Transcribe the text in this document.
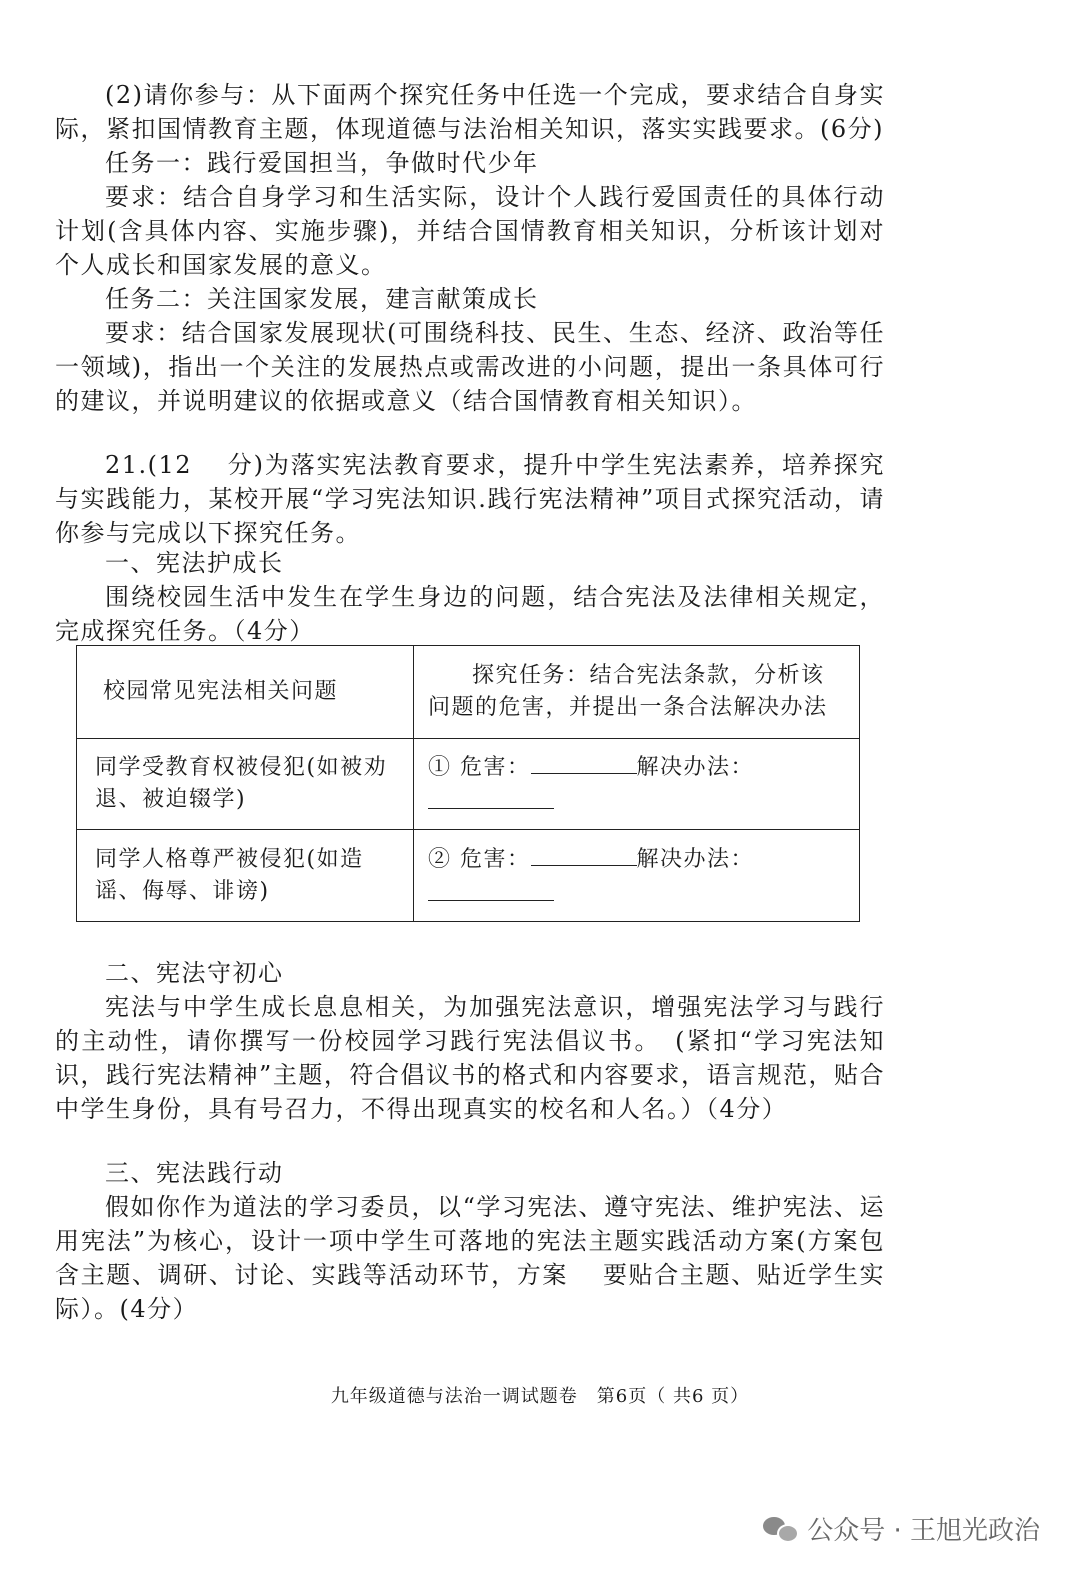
(2)请你参与：从下面两个探究任务中任选一个完成，要求结合自身实际，紧扣国情教育主题，体现道德与法治相关知识，落实实践要求。(6分)

任务一：践行爱国担当，争做时代少年

要求：结合自身学习和生活实际，设计个人践行爱国责任的具体行动计划(含具体内容、实施步骤)，并结合国情教育相关知识，分析该计划对个人成长和国家发展的意义。

任务二：关注国家发展，建言献策成长

要求：结合国家发展现状(可围绕科技、民生、生态、经济、政治等任一领域)，指出一个关注的发展热点或需改进的小问题，提出一条具体可行的建议，并说明建议的依据或意义（结合国情教育相关知识）。

21.(12　 分)为落实宪法教育要求，提升中学生宪法素养，培养探究与实践能力，某校开展“学习宪法知识.践行宪法精神”项目式探究活动，请你参与完成以下探究任务。

一、宪法护成长

围绕校园生活中发生在学生身边的问题，结合宪法及法律相关规定，完成探究任务。（4分）

校园常见宪法相关问题	探究任务：结合宪法条款，分析该问题的危害，并提出一条合法解决办法
同学受教育权被侵犯(如被劝退、被迫辍学)	① 危害： 解决办法：
同学人格尊严被侵犯(如造谣、侮辱、诽谤)	② 危害： 解决办法：
二、宪法守初心

宪法与中学生成长息息相关，为加强宪法意识，增强宪法学习与践行的主动性，请你撰写一份校园学习践行宪法倡议书。　(紧扣“学习宪法知识，践行宪法精神”主题，符合倡议书的格式和内容要求，语言规范，贴合中学生身份，具有号召力，不得出现真实的校名和人名。）（4分）

三、宪法践行动

假如你作为道法的学习委员，以“学习宪法、遵守宪法、维护宪法、运用宪法”为核心，设计一项中学生可落地的宪法主题实践活动方案(方案包含主题、调研、讨论、实践等活动环节，方案　 要贴合主题、贴近学生实际）。(4分）

九年级道德与法治一调试题卷　第6页（ 共6 页）
公众号 · 王旭光政治
